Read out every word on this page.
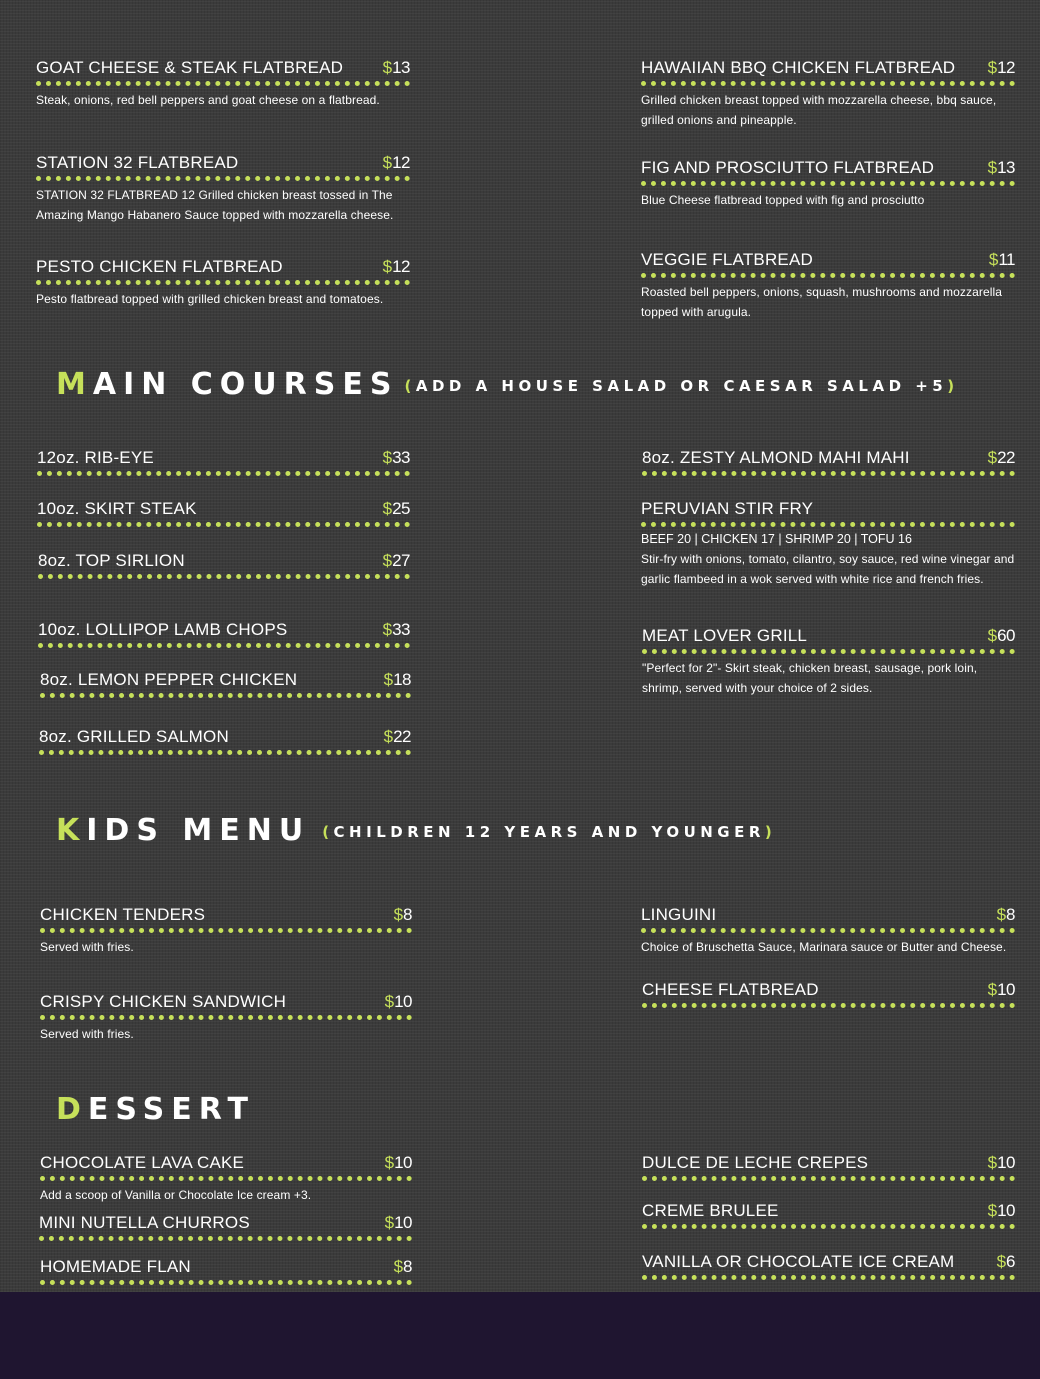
GOAT CHEESE & STEAK FLATBREAD $ 13
Steak, onions, red bell peppers and goat cheese on a flatbread.
HAWAIIAN BBQ CHICKEN FLATBREAD $ 12
Grilled chicken breast topped with mozzarella cheese, bbq sauce, grilled onions and pineapple.
STATION 32 FLATBREAD	$ 12
STATION 32 FLATBREAD 12 Grilled chicken breast tossed in The Amazing Mango Habanero Sauce topped with mozzarella cheese.
FIG AND PROSCIUTTO FLATBREAD	$ 13
Blue Cheese flatbread topped with fig and prosciutto
PESTO CHICKEN FLATBREAD	$ 12
Pesto flatbread topped with grilled chicken breast and tomatoes.
VEGGIE FLATBREAD	$ 11
Roasted bell peppers, onions, squash, mushrooms and mozzarella topped with arugula.
MAIN COURSES (ADD A HOUSE SALAD OR CAESAR SALAD +5)
12oz. RIB-EYE	$ 33	8oz. ZESTY ALMOND MAHI MAHI	$ 22
10oz. SKIRT STEAK	$ 25	PERUVIAN STIR FRY
BEEF 20 | CHICKEN 17 | SHRIMP 20 | TOFU 16
Stir-fry with onions, tomato, cilantro, soy sauce, red wine vinegar and garlic flambeed in a wok served with white rice and french fries.
8oz. TOP SIRLION	$ 27
10oz. LOLLIPOP LAMB CHOPS	$ 33	MEAT LOVER GRILL	$ 60
"Perfect for 2"- Skirt steak, chicken breast, sausage, pork loin, shrimp, served with your choice of 2 sides.
8oz. LEMON PEPPER CHICKEN	$ 18
8oz. GRILLED SALMON	$ 22
KIDS MENU (CHILDREN 12 YEARS AND YOUNGER)
CHICKEN TENDERS	$ 8
Served with fries.
LINGUINI	$ 8
Choice of Bruschetta Sauce, Marinara sauce or Butter and Cheese.
CRISPY CHICKEN SANDWICH	$ 10
Served with fries.
CHEESE FLATBREAD	$ 10
DESSERT
CHOCOLATE LAVA CAKE	$ 10
Add a scoop of Vanilla or Chocolate Ice cream +3.
DULCE DE LECHE CREPES	$ 10
MINI NUTELLA CHURROS	$ 10
CREME BRULEE	$ 10
HOMEMADE FLAN	$ 8	VANILLA OR CHOCOLATE ICE CREAM $ 6
